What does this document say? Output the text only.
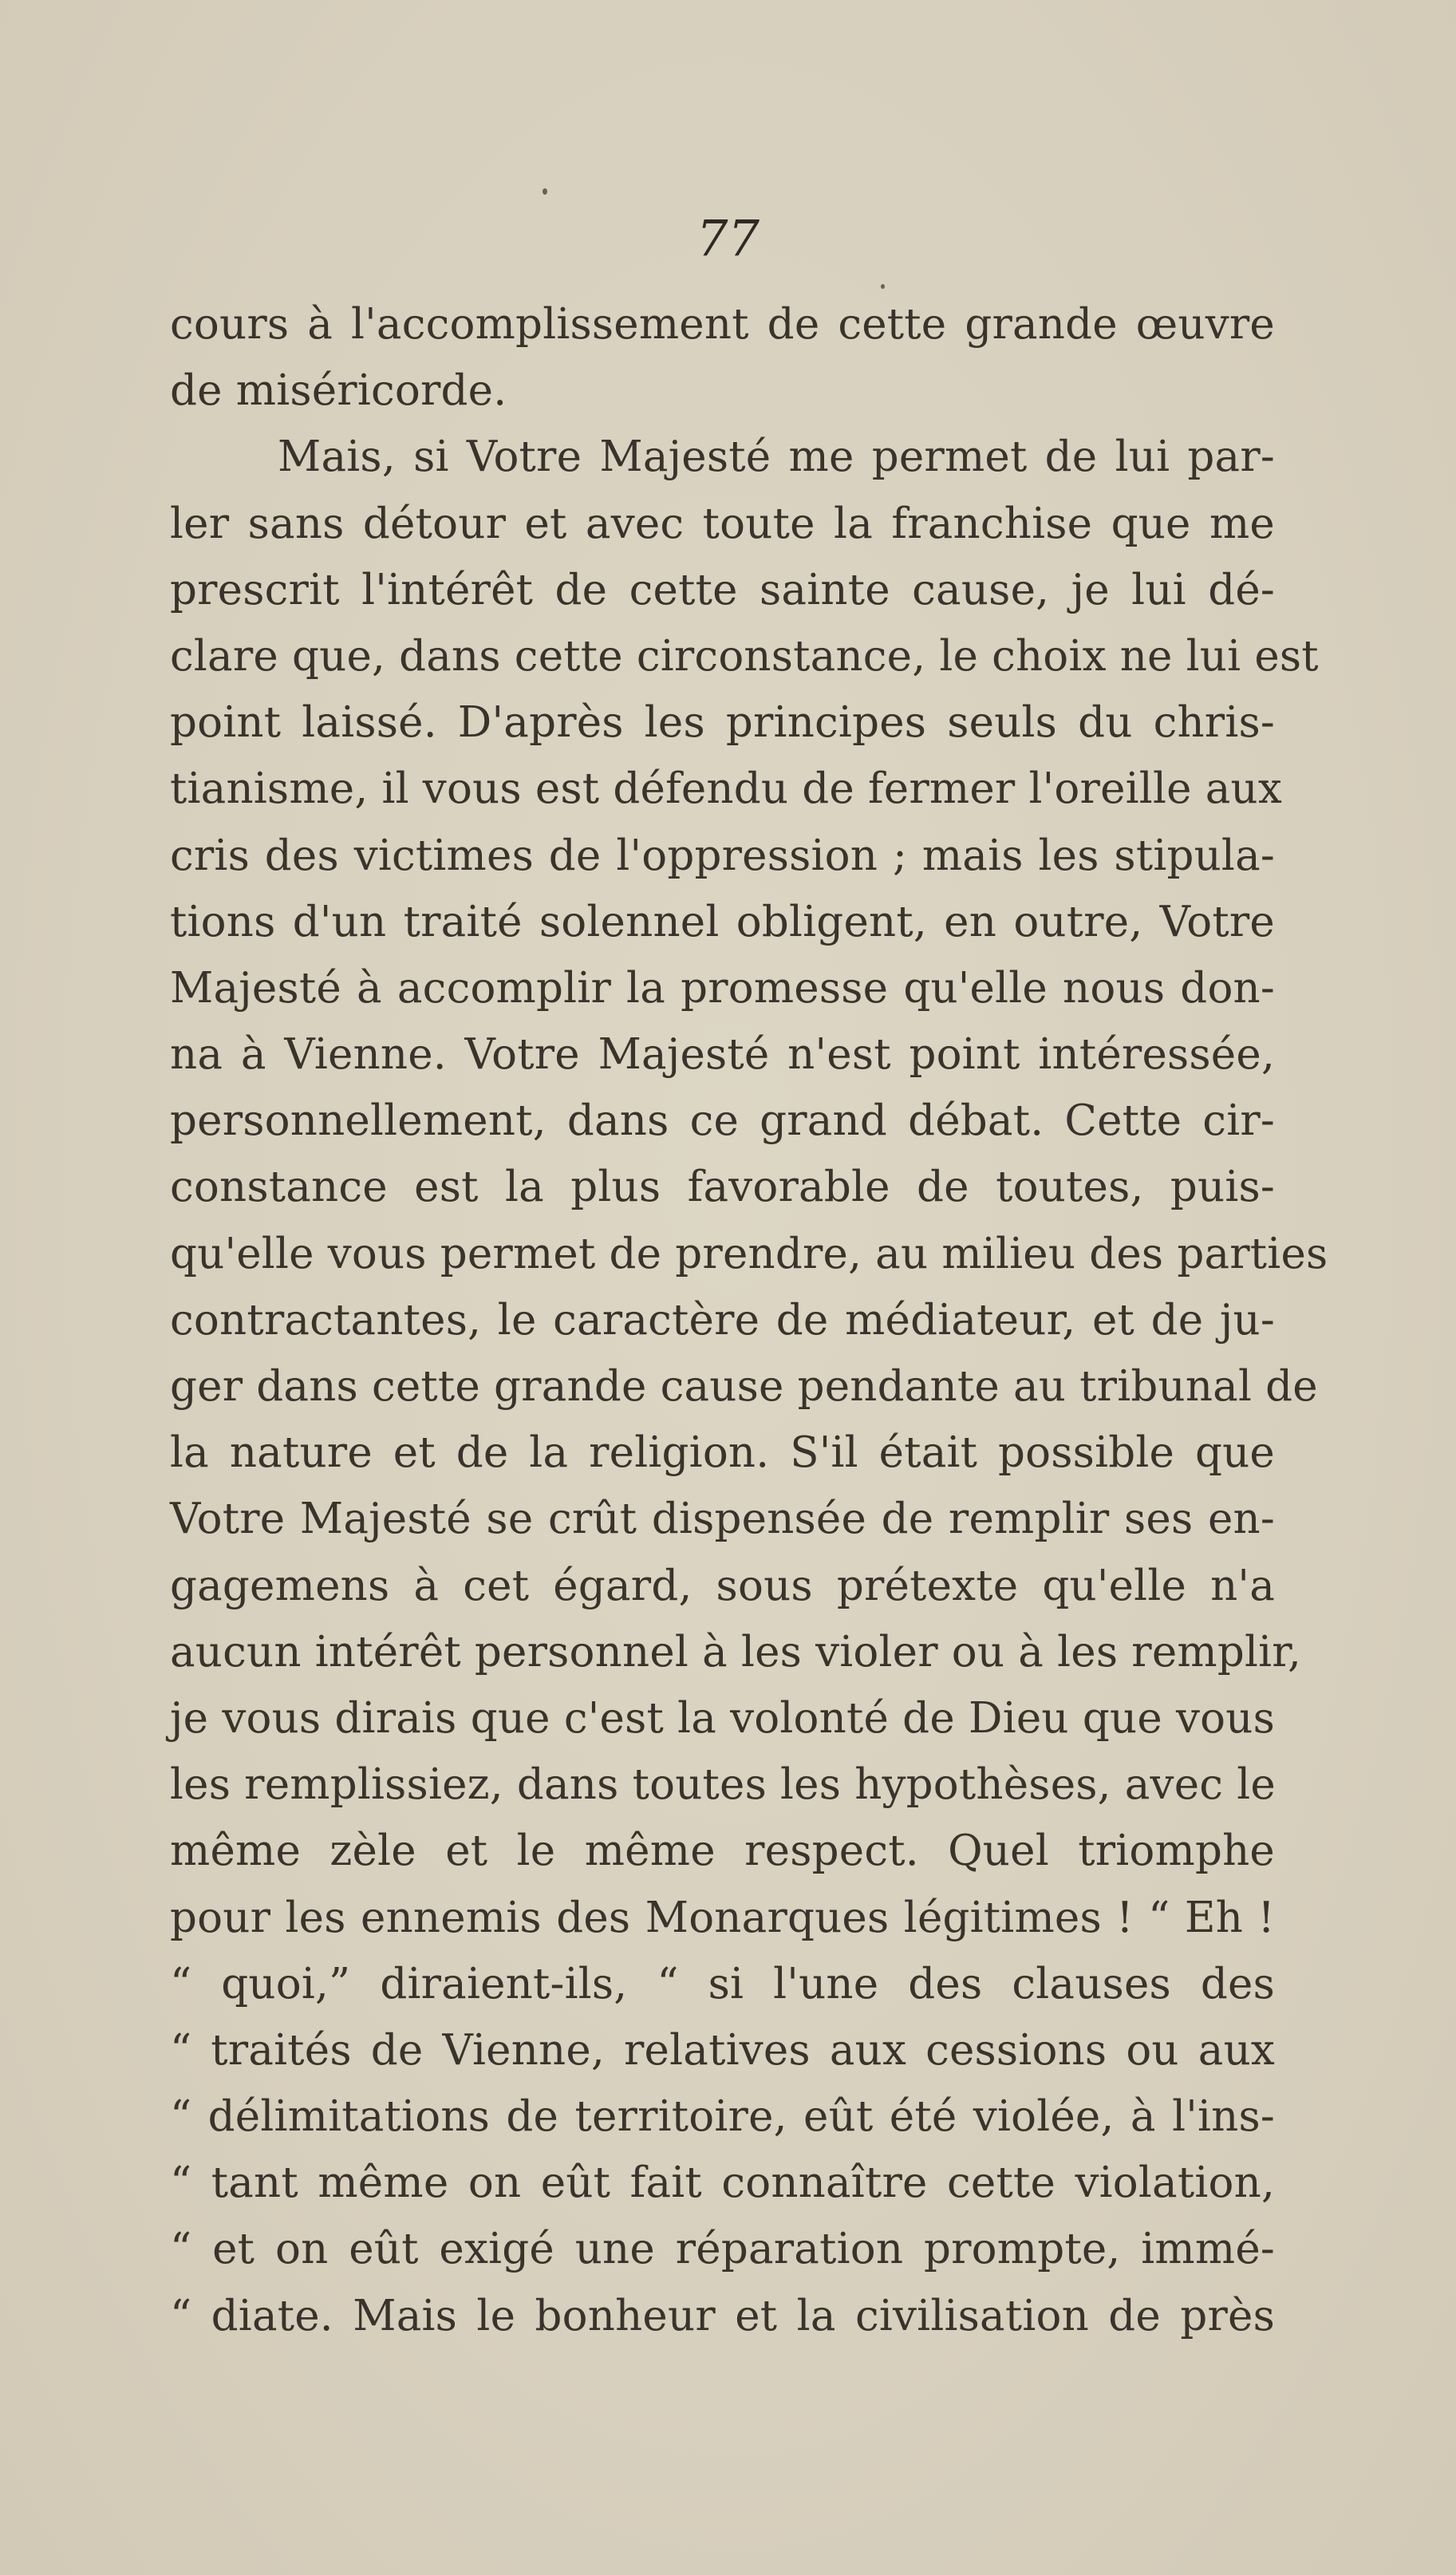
77
cours à l'accomplissement de cette grande œuvre
de miséricorde.
Mais, si Votre Majesté me permet de lui par-
ler sans détour et avec toute la franchise que me
prescrit l'intérêt de cette sainte cause, je lui dé-
clare que, dans cette circonstance, le choix ne lui est
point laissé. D'après les principes seuls du chris-
tianisme, il vous est défendu de fermer l'oreille aux
cris des victimes de l'oppression ; mais les stipula-
tions d'un traité solennel obligent, en outre, Votre
Majesté à accomplir la promesse qu'elle nous don-
na à Vienne. Votre Majesté n'est point intéressée,
personnellement, dans ce grand débat. Cette cir-
constance est la plus favorable de toutes, puis-
qu'elle vous permet de prendre, au milieu des parties
contractantes, le caractère de médiateur, et de ju-
ger dans cette grande cause pendante au tribunal de
la nature et de la religion. S'il était possible que
Votre Majesté se crût dispensée de remplir ses en-
gagemens à cet égard, sous prétexte qu'elle n'a
aucun intérêt personnel à les violer ou à les remplir,
je vous dirais que c'est la volonté de Dieu que vous
les remplissiez, dans toutes les hypothèses, avec le
même zèle et le même respect. Quel triomphe
pour les ennemis des Monarques légitimes ! “ Eh !
“ quoi,” diraient-ils, “ si l'une des clauses des
“ traités de Vienne, relatives aux cessions ou aux
“ délimitations de territoire, eût été violée, à l'ins-
“ tant même on eût fait connaître cette violation,
“ et on eût exigé une réparation prompte, immé-
“ diate. Mais le bonheur et la civilisation de près
